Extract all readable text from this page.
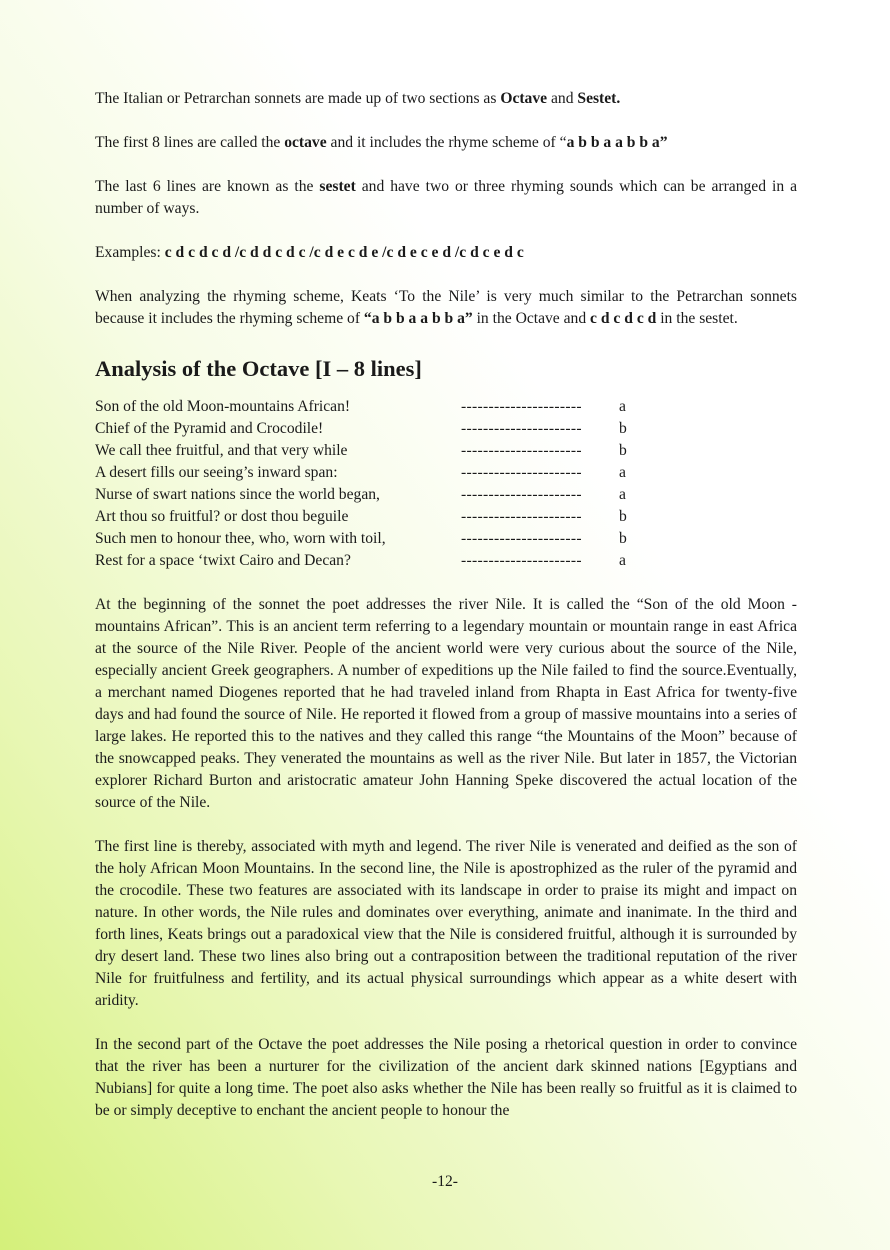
The Italian or Petrarchan sonnets are made up of two sections as Octave and Sestet.

The first 8 lines are called the octave and it includes the rhyme scheme of “a b b a a b b a”

The last 6 lines are known as the sestet and have two or three rhyming sounds which can be arranged in a number of ways.

Examples: c d c d c d /c d d c d c /c d e c d e /c d e c e d /c d c e d c

When analyzing the rhyming scheme, Keats ‘To the Nile’ is very much similar to the Petrarchan sonnets because it includes the rhyming scheme of “a b b a a b b a” in the Octave and c d c d c d in the sestet.

Analysis of the Octave [I – 8 lines]
Son of the old Moon-mountains African!	----------------------	a
Chief of the Pyramid and Crocodile!	----------------------	b
We call thee fruitful, and that very while	----------------------	b
A desert fills our seeing’s inward span:	----------------------	a
Nurse of swart nations since the world began,	----------------------	a
Art thou so fruitful? or dost thou beguile	----------------------	b
Such men to honour thee, who, worn with toil,	----------------------	b
Rest for a space ‘twixt Cairo and Decan?	----------------------	a

At the beginning of the sonnet the poet addresses the river Nile. It is called the “Son of the old Moon - mountains African”. This is an ancient term referring to a legendary mountain or mountain range in east Africa at the source of the Nile River. People of the ancient world were very curious about the source of the Nile, especially ancient Greek geographers. A number of expeditions up the Nile failed to find the source.Eventually, a merchant named Diogenes reported that he had traveled inland from Rhapta in East Africa for twenty-five days and had found the source of Nile. He reported it flowed from a group of massive mountains into a series of large lakes. He reported this to the natives and they called this range “the Mountains of the Moon” because of the snowcapped peaks. They venerated the mountains as well as the river Nile. But later in 1857, the Victorian explorer Richard Burton and aristocratic amateur John Hanning Speke discovered the actual location of the source of the Nile.

The first line is thereby, associated with myth and legend. The river Nile is venerated and deified as the son of the holy African Moon Mountains. In the second line, the Nile is apostrophized as the ruler of the pyramid and the crocodile. These two features are associated with its landscape in order to praise its might and impact on nature. In other words, the Nile rules and dominates over everything, animate and inanimate. In the third and forth lines, Keats brings out a paradoxical view that the Nile is considered fruitful, although it is surrounded by dry desert land. These two lines also bring out a contraposition between the traditional reputation of the river Nile for fruitfulness and fertility, and its actual physical surroundings which appear as a white desert with aridity.

In the second part of the Octave the poet addresses the Nile posing a rhetorical question in order to convince that the river has been a nurturer for the civilization of the ancient dark skinned nations [Egyptians and Nubians] for quite a long time. The poet also asks whether the Nile has been really so fruitful as it is claimed to be or simply deceptive to enchant the ancient people to honour the

-12-
